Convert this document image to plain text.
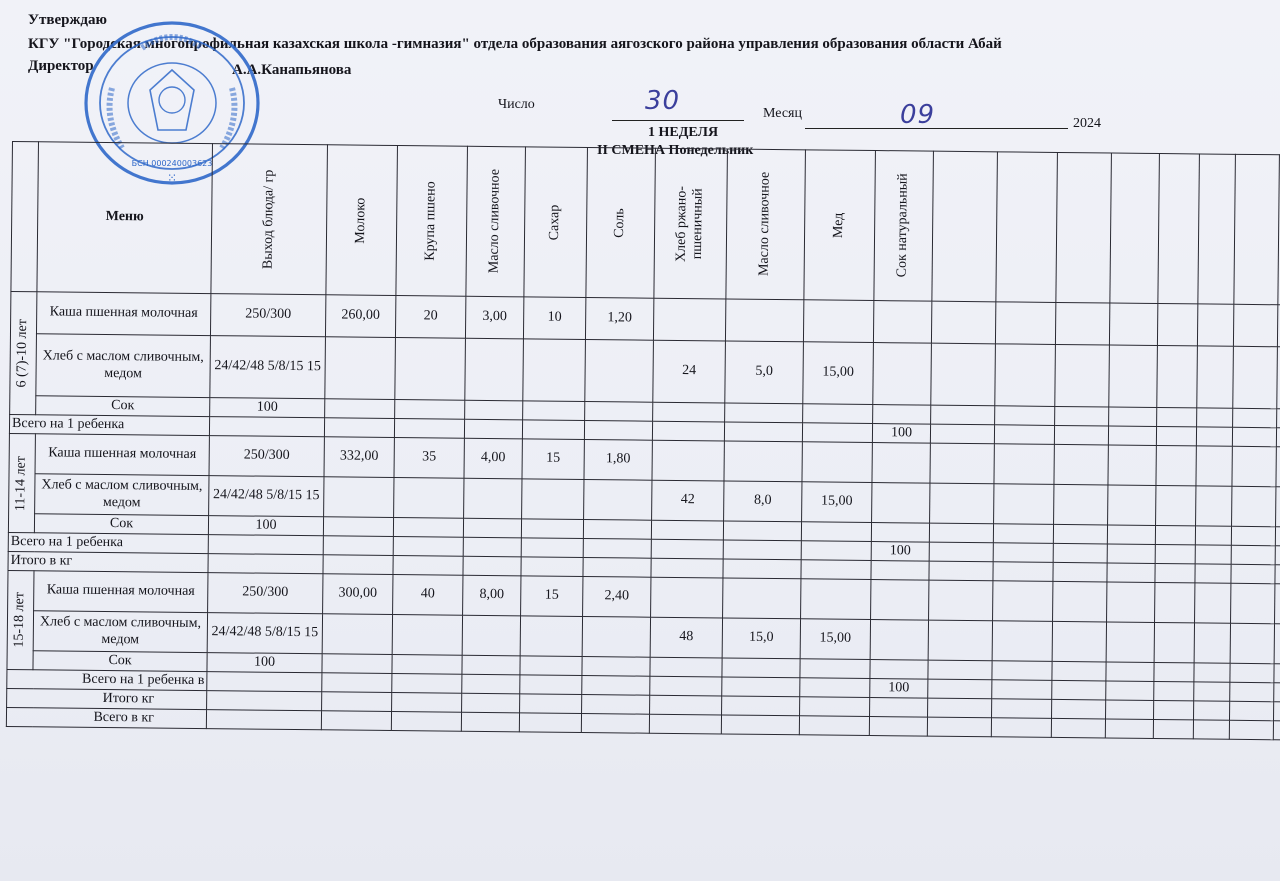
Утверждаю
КГУ "Городская многопрофильная казахская школа -гимназия" отдела образования аягозского района управления образования области Абай
Директор	А.А.Канапьянова
БСН 000240003623
⁙
Число	30	Месяц	09	2024
1 НЕДЕЛЯ
II СМЕНА Понедельник
	Меню	Выход блюда/ гр	Молоко	Крупа пшено	Масло сливочное	Сахар	Соль	Хлеб ржано-пшеничный	Масло сливочное	Мед	Сок натуральный								

6 (7)-10 лет	Каша пшенная молочная	250/300	260,00	20	3,00	10	1,20												
	Хлеб с маслом сливочным, медом	24/42/48 5/8/15 15						24	5,0	15,00									
	Сок	100																	
Всего на 1 ребенка											100								

11-14 лет	Каша пшенная молочная	250/300	332,00	35	4,00	15	1,80												
	Хлеб с маслом сливочным, медом	24/42/48 5/8/15 15						42	8,0	15,00									
	Сок	100																	
Всего на 1 ребенка											100								
Итого в кг																			

15-18 лет	Каша пшенная молочная	250/300	300,00	40	8,00	15	2,40												
	Хлеб с маслом сливочным, медом	24/42/48 5/8/15 15						48	15,0	15,00									
	Сок	100																	
Всего на 1 ребенка в											100								
Итого кг																			
Всего в кг																			
